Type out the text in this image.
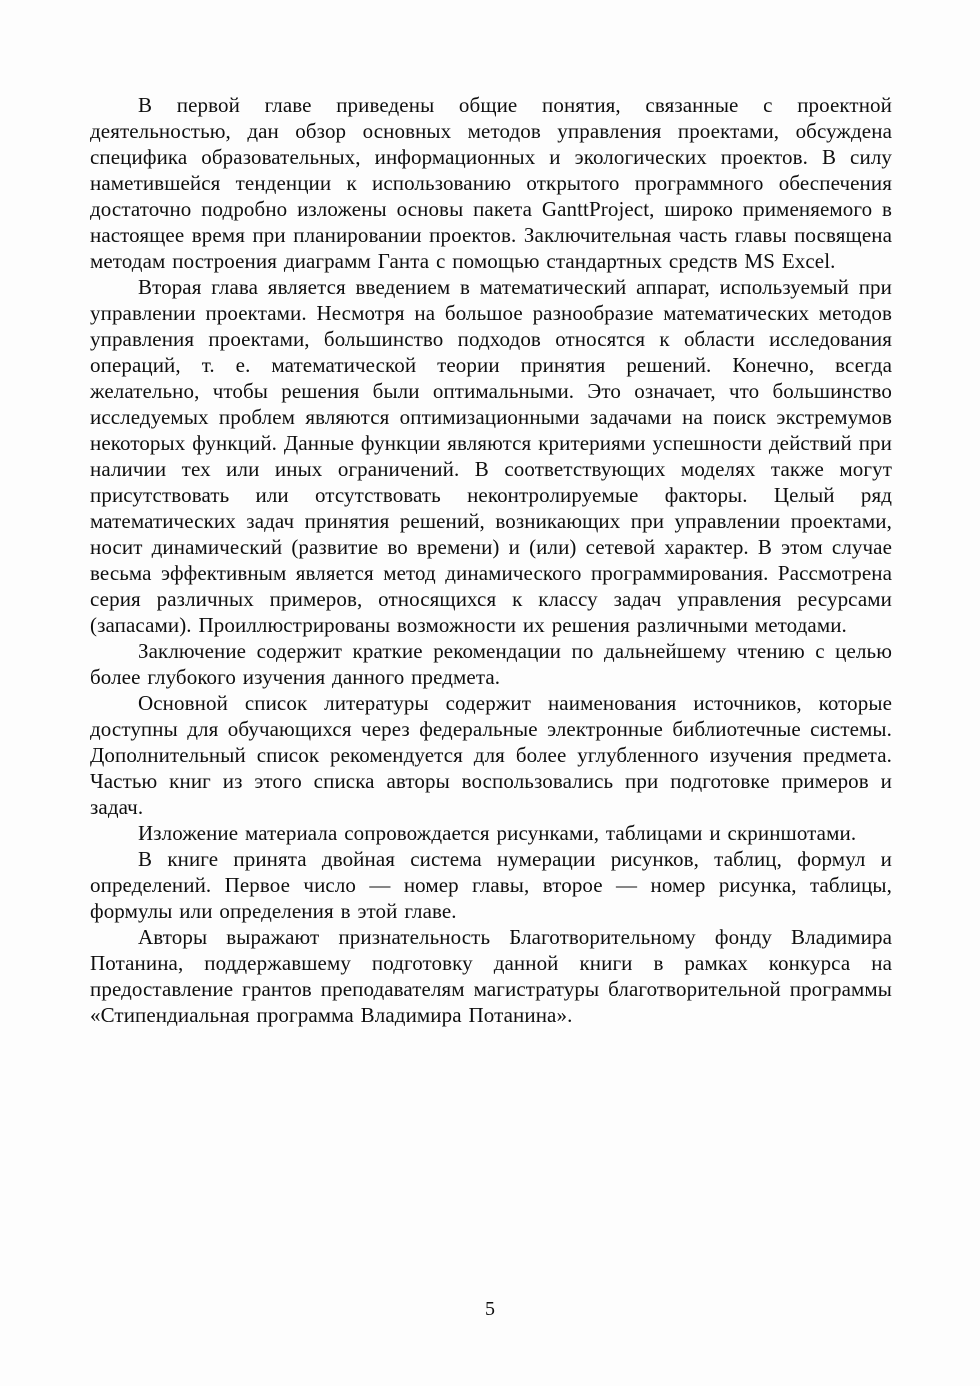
В первой главе приведены общие понятия, связанные с проектной деятельностью, дан обзор основных методов управления проектами, обсуждена специфика образовательных, информационных и экологических проектов. В силу наметившейся тенденции к использованию открытого программного обеспечения достаточно подробно изложены основы пакета GanttProject, широко применяемого в настоящее время при планировании проектов. Заключительная часть главы посвящена методам построения диаграмм Ганта с помощью стандартных средств MS Excel.

Вторая глава является введением в математический аппарат, используемый при управлении проектами. Несмотря на большое разнообразие математических методов управления проектами, большинство подходов относятся к области исследования операций, т. е. математической теории принятия решений. Конечно, всегда желательно, чтобы решения были оптимальными. Это означает, что большинство исследуемых проблем являются оптимизационными задачами на поиск экстремумов некоторых функций. Данные функции являются критериями успешности действий при наличии тех или иных ограничений. В соответствующих моделях также могут присутствовать или отсутствовать неконтролируемые факторы. Целый ряд математических задач принятия решений, возникающих при управлении проектами, носит динамический (развитие во времени) и (или) сетевой характер. В этом случае весьма эффективным является метод динамического программирования. Рассмотрена серия различных примеров, относящихся к классу задач управления ресурсами (запасами). Проиллюстрированы возможности их решения различными методами.

Заключение содержит краткие рекомендации по дальнейшему чтению с целью более глубокого изучения данного предмета.

Основной список литературы содержит наименования источников, которые доступны для обучающихся через федеральные электронные библиотечные системы. Дополнительный список рекомендуется для более углубленного изучения предмета. Частью книг из этого списка авторы воспользовались при подготовке примеров и задач.

Изложение материала сопровождается рисунками, таблицами и скриншотами.

В книге принята двойная система нумерации рисунков, таблиц, формул и определений. Первое число — номер главы, второе — номер рисунка, таблицы, формулы или определения в этой главе.

Авторы выражают признательность Благотворительному фонду Владимира Потанина, поддержавшему подготовку данной книги в рамках конкурса на предоставление грантов преподавателям магистратуры благотворительной программы «Стипендиальная программа Владимира Потанина».

5
